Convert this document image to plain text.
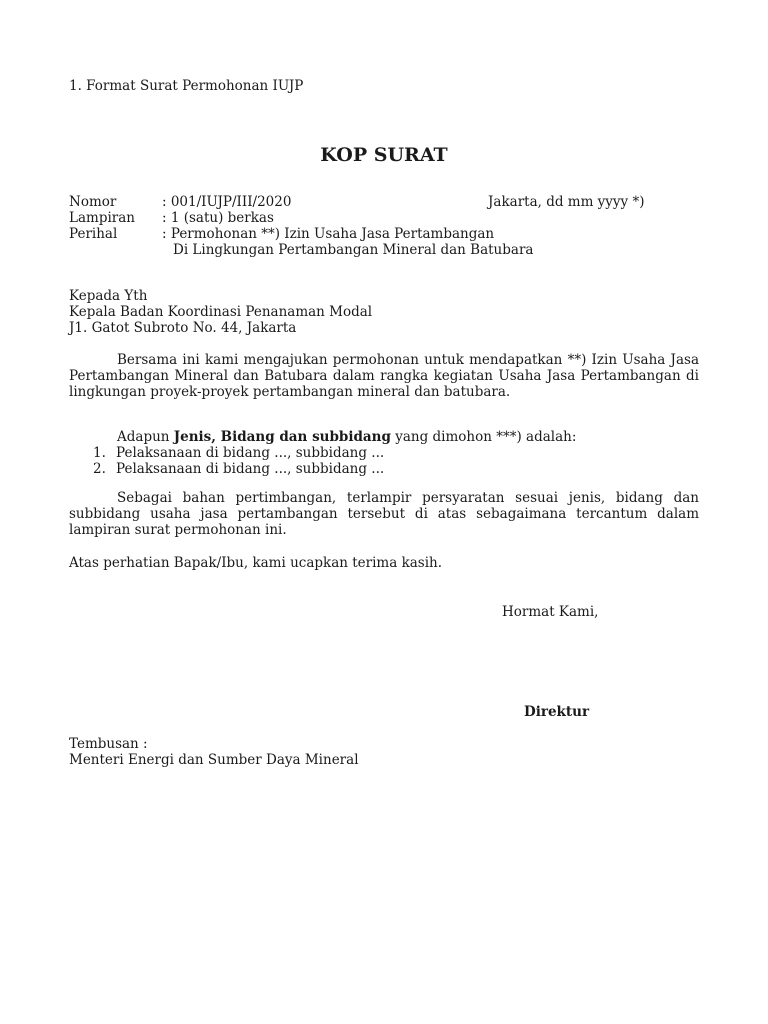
1. Format Surat Permohonan IUJP
KOP SURAT
Nomor	: 001/IUJP/III/2020	Jakarta, dd mm yyyy *)
Lampiran : 1 (satu) berkas
Perihal	: Permohonan **) Izin Usaha Jasa Pertambangan
Di Lingkungan Pertambangan Mineral dan Batubara
Kepada Yth
Kepala Badan Koordinasi Penanaman Modal
J1. Gatot Subroto No. 44, Jakarta
Bersama ini kami mengajukan permohonan untuk mendapatkan **) Izin Usaha Jasa Pertambangan Mineral dan Batubara dalam rangka kegiatan Usaha Jasa Pertambangan di lingkungan proyek-proyek pertambangan mineral dan batubara.
Adapun Jenis, Bidang dan subbidang yang dimohon ***) adalah:
1. Pelaksanaan di bidang ..., subbidang ...
2. Pelaksanaan di bidang ..., subbidang ...
Sebagai bahan pertimbangan, terlampir persyaratan sesuai jenis, bidang dan subbidang usaha jasa pertambangan tersebut di atas sebagaimana tercantum dalam lampiran surat permohonan ini.
Atas perhatian Bapak/Ibu, kami ucapkan terima kasih.
Hormat Kami,
Direktur
Tembusan :
Menteri Energi dan Sumber Daya Mineral
